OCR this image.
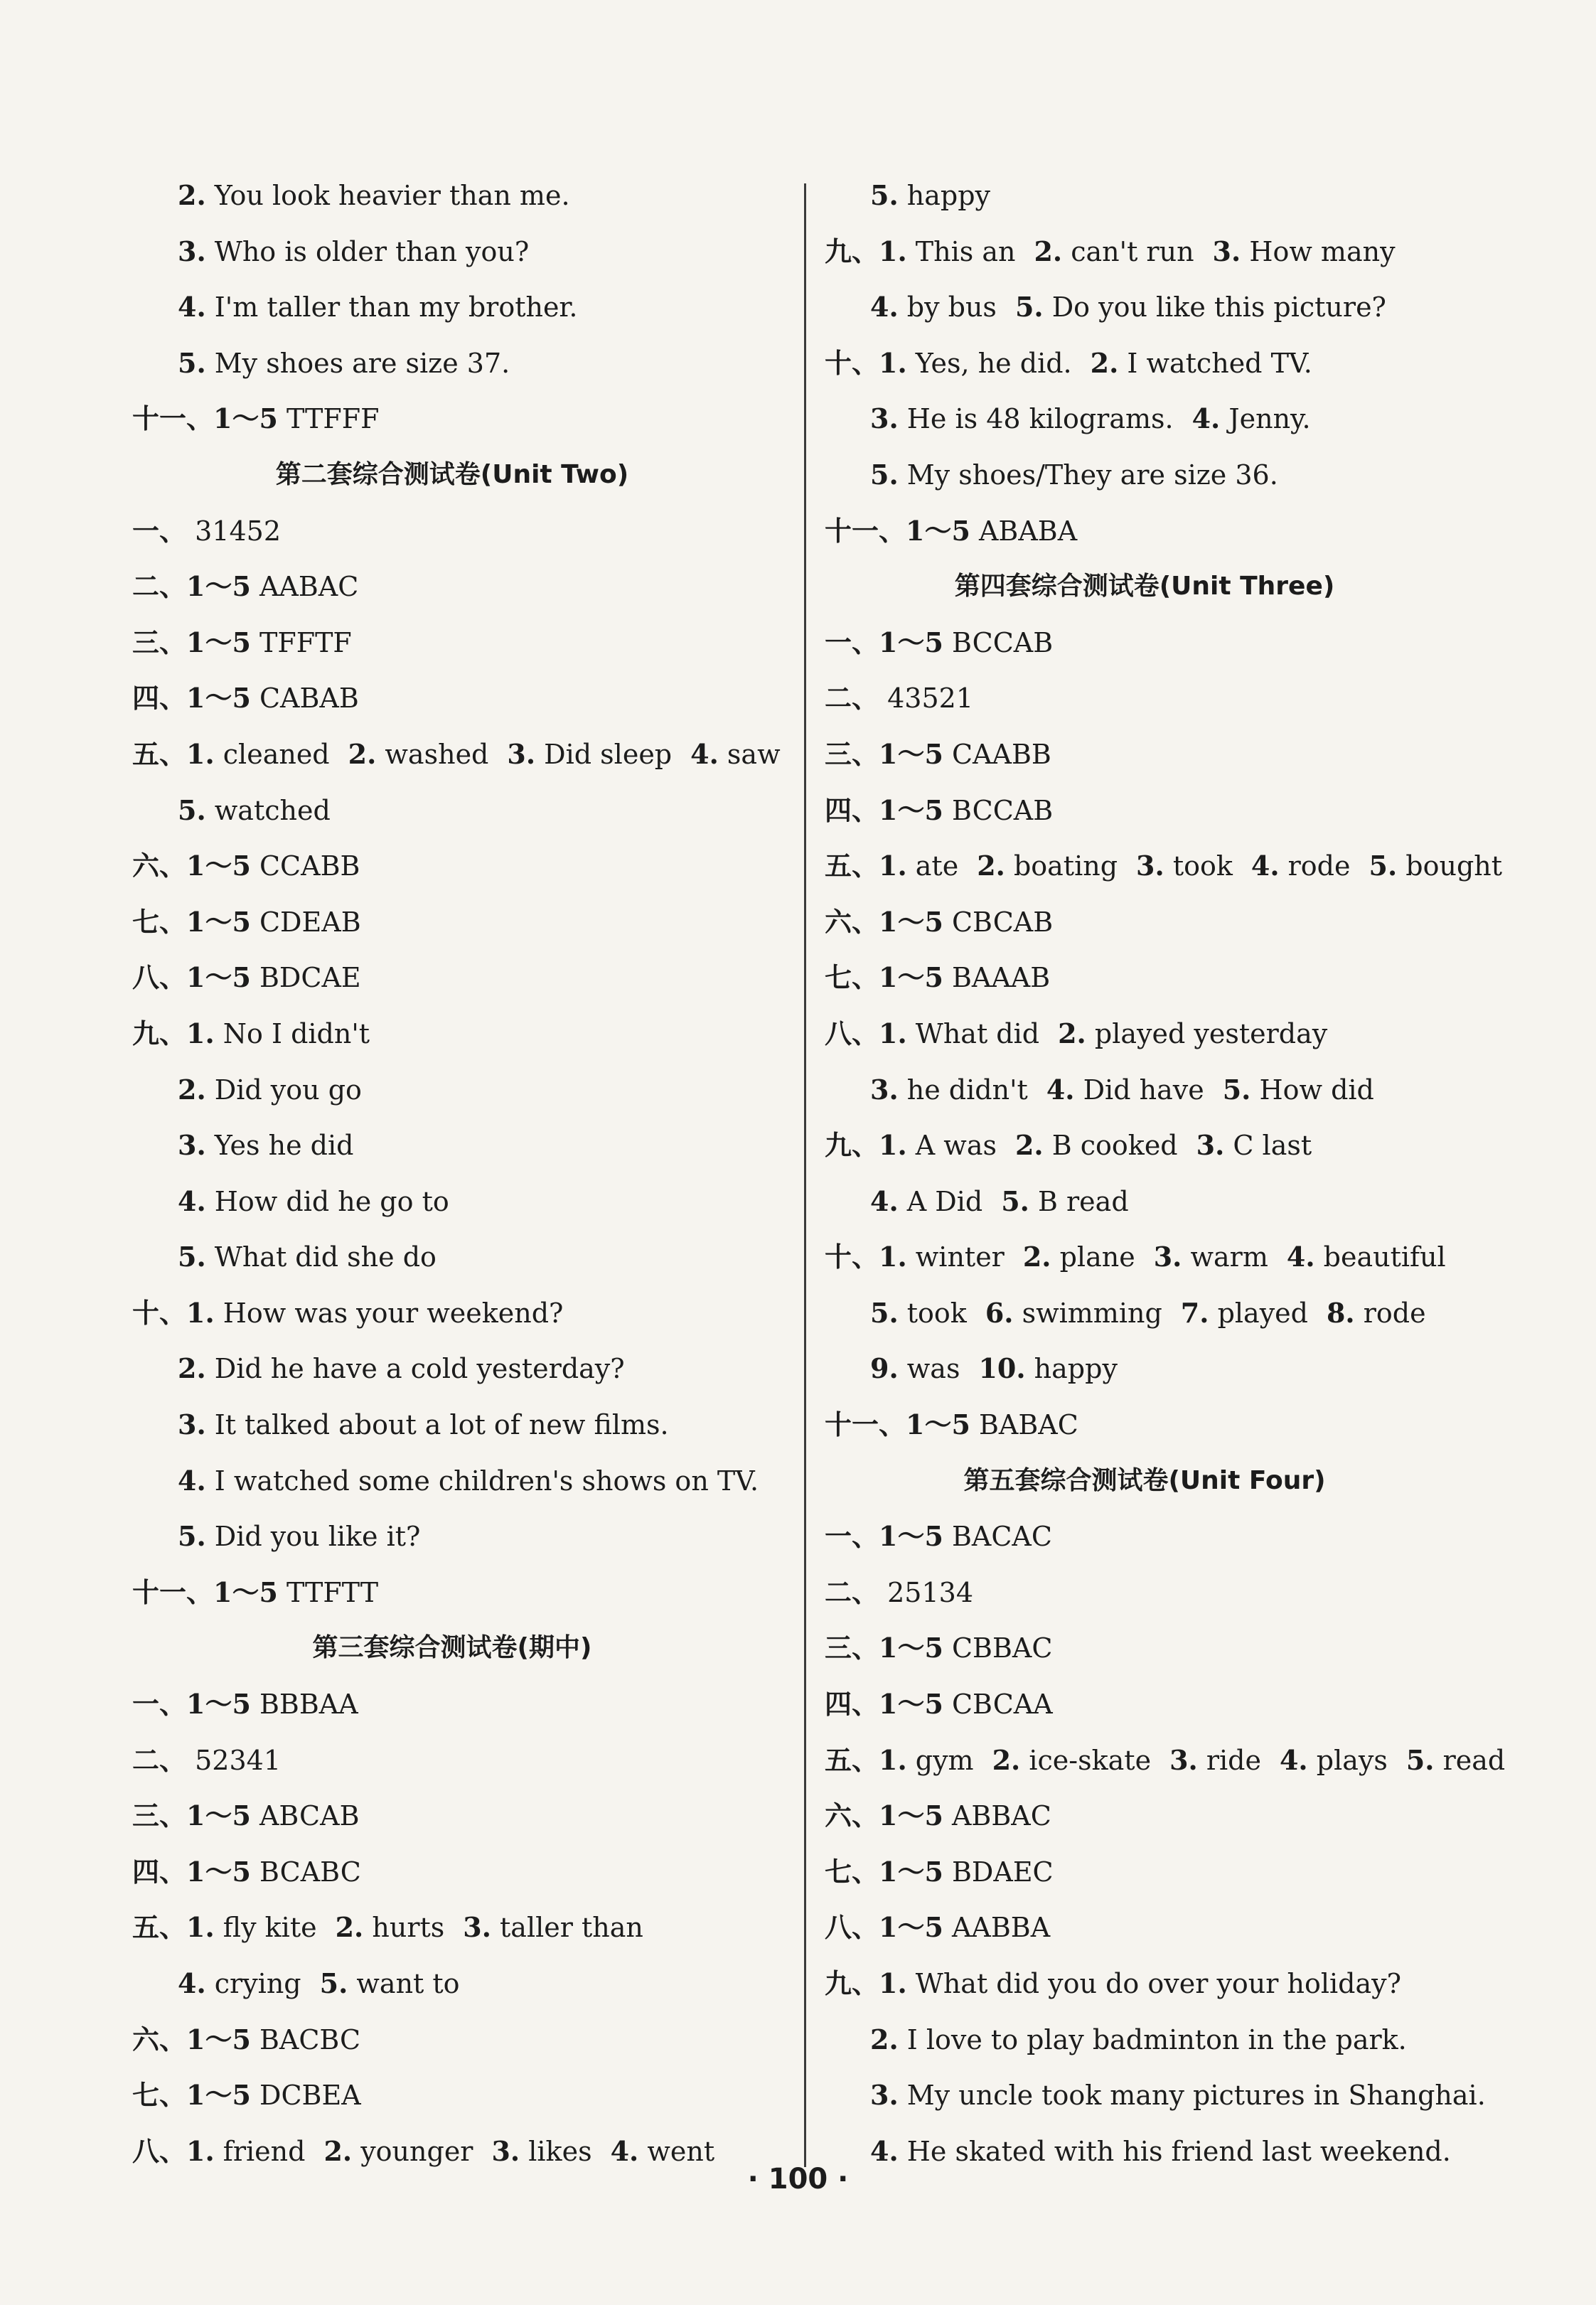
2. You look heavier than me.
3. Who is older than you?
4. I'm taller than my brother.
5. My shoes are size 37.
十一、1～5 TTFFF
第二套综合测试卷(Unit Two)
一、 31452
二、1～5 AABAC
三、1～5 TFFTF
四、1～5 CABAB
五、1. cleaned 2. washed 3. Did sleep 4. saw
5. watched
六、1～5 CCABB
七、1～5 CDEAB
八、1～5 BDCAE
九、1. No I didn't
2. Did you go
3. Yes he did
4. How did he go to
5. What did she do
十、1. How was your weekend?
2. Did he have a cold yesterday?
3. It talked about a lot of new films.
4. I watched some children's shows on TV.
5. Did you like it?
十一、1～5 TTFTT
第三套综合测试卷(期中)
一、1～5 BBBAA
二、 52341
三、1～5 ABCAB
四、1～5 BCABC
五、1. fly kite 2. hurts 3. taller than
4. crying 5. want to
六、1～5 BACBC
七、1～5 DCBEA
八、1. friend 2. younger 3. likes 4. went
5. happy
九、1. This an 2. can't run 3. How many
4. by bus 5. Do you like this picture?
十、1. Yes, he did. 2. I watched TV.
3. He is 48 kilograms. 4. Jenny.
5. My shoes/They are size 36.
十一、1～5 ABABA
第四套综合测试卷(Unit Three)
一、1～5 BCCAB
二、 43521
三、1～5 CAABB
四、1～5 BCCAB
五、1. ate 2. boating 3. took 4. rode 5. bought
六、1～5 CBCAB
七、1～5 BAAAB
八、1. What did 2. played yesterday
3. he didn't 4. Did have 5. How did
九、1. A was 2. B cooked 3. C last
4. A Did 5. B read
十、1. winter 2. plane 3. warm 4. beautiful
5. took 6. swimming 7. played 8. rode
9. was 10. happy
十一、1～5 BABAC
第五套综合测试卷(Unit Four)
一、1～5 BACAC
二、 25134
三、1～5 CBBAC
四、1～5 CBCAA
五、1. gym 2. ice-skate 3. ride 4. plays 5. read
六、1～5 ABBAC
七、1～5 BDAEC
八、1～5 AABBA
九、1. What did you do over your holiday?
2. I love to play badminton in the park.
3. My uncle took many pictures in Shanghai.
4. He skated with his friend last weekend.
· 100 ·
